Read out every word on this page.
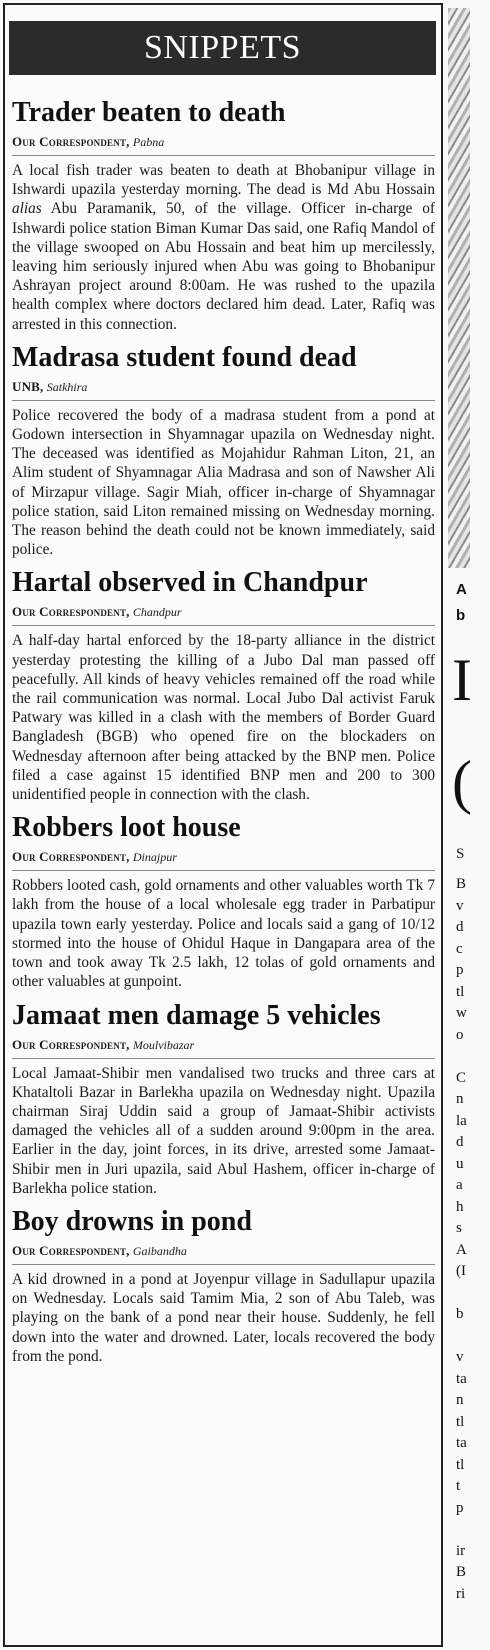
SNIPPETS
Trader beaten to death
Our Correspondent, Pabna

A local fish trader was beaten to death at Bhobanipur village in Ishwardi upazila yesterday morning. The dead is Md Abu Hossain alias Abu Paramanik, 50, of the village. Officer in-charge of Ishwardi police station Biman Kumar Das said, one Rafiq Mandol of the village swooped on Abu Hossain and beat him up mercilessly, leaving him seriously injured when Abu was going to Bhobanipur Ashrayan project around 8:00am. He was rushed to the upazila health complex where doctors declared him dead. Later, Rafiq was arrested in this connection.

Madrasa student found dead
UNB, Satkhira

Police recovered the body of a madrasa student from a pond at Godown intersection in Shyamnagar upazila on Wednesday night. The deceased was identified as Mojahidur Rahman Liton, 21, an Alim student of Shyamnagar Alia Madrasa and son of Nawsher Ali of Mirzapur village. Sagir Miah, officer in-charge of Shyamnagar police station, said Liton remained missing on Wednesday morning. The reason behind the death could not be known immediately, said police.

Hartal observed in Chandpur
Our Correspondent, Chandpur

A half-day hartal enforced by the 18-party alliance in the district yesterday protesting the killing of a Jubo Dal man passed off peacefully. All kinds of heavy vehicles remained off the road while the rail communication was normal. Local Jubo Dal activist Faruk Patwary was killed in a clash with the members of Border Guard Bangladesh (BGB) who opened fire on the blockaders on Wednesday afternoon after being attacked by the BNP men. Police filed a case against 15 identified BNP men and 200 to 300 unidentified people in connection with the clash.

Robbers loot house
Our Correspondent, Dinajpur

Robbers looted cash, gold ornaments and other valuables worth Tk 7 lakh from the house of a local wholesale egg trader in Parbatipur upazila town early yesterday. Police and locals said a gang of 10/12 stormed into the house of Ohidul Haque in Dangapara area of the town and took away Tk 2.5 lakh, 12 tolas of gold ornaments and other valuables at gunpoint.

Jamaat men damage 5 vehicles
Our Correspondent, Moulvibazar

Local Jamaat-Shibir men vandalised two trucks and three cars at Khataltoli Bazar in Barlekha upazila on Wednesday night. Upazila chairman Siraj Uddin said a group of Jamaat-Shibir activists damaged the vehicles all of a sudden around 9:00pm in the area. Earlier in the day, joint forces, in its drive, arrested some Jamaat-Shibir men in Juri upazila, said Abul Hashem, officer in-charge of Barlekha police station.

Boy drowns in pond
Our Correspondent, Gaibandha

A kid drowned in a pond at Joyenpur village in Sadullapur upazila on Wednesday. Locals said Tamim Mia, 2 son of Abu Taleb, was playing on the bank of a pond near their house. Suddenly, he fell down into the water and drowned. Later, locals recovered the body from the pond.

A
b
I
(
S
B
v
d
c
p
tl
w
o
C
n
la
d
u
a
h
s
A
(I
b
v
ta
n
tl
ta
tl
t
p
ir
B
ri
